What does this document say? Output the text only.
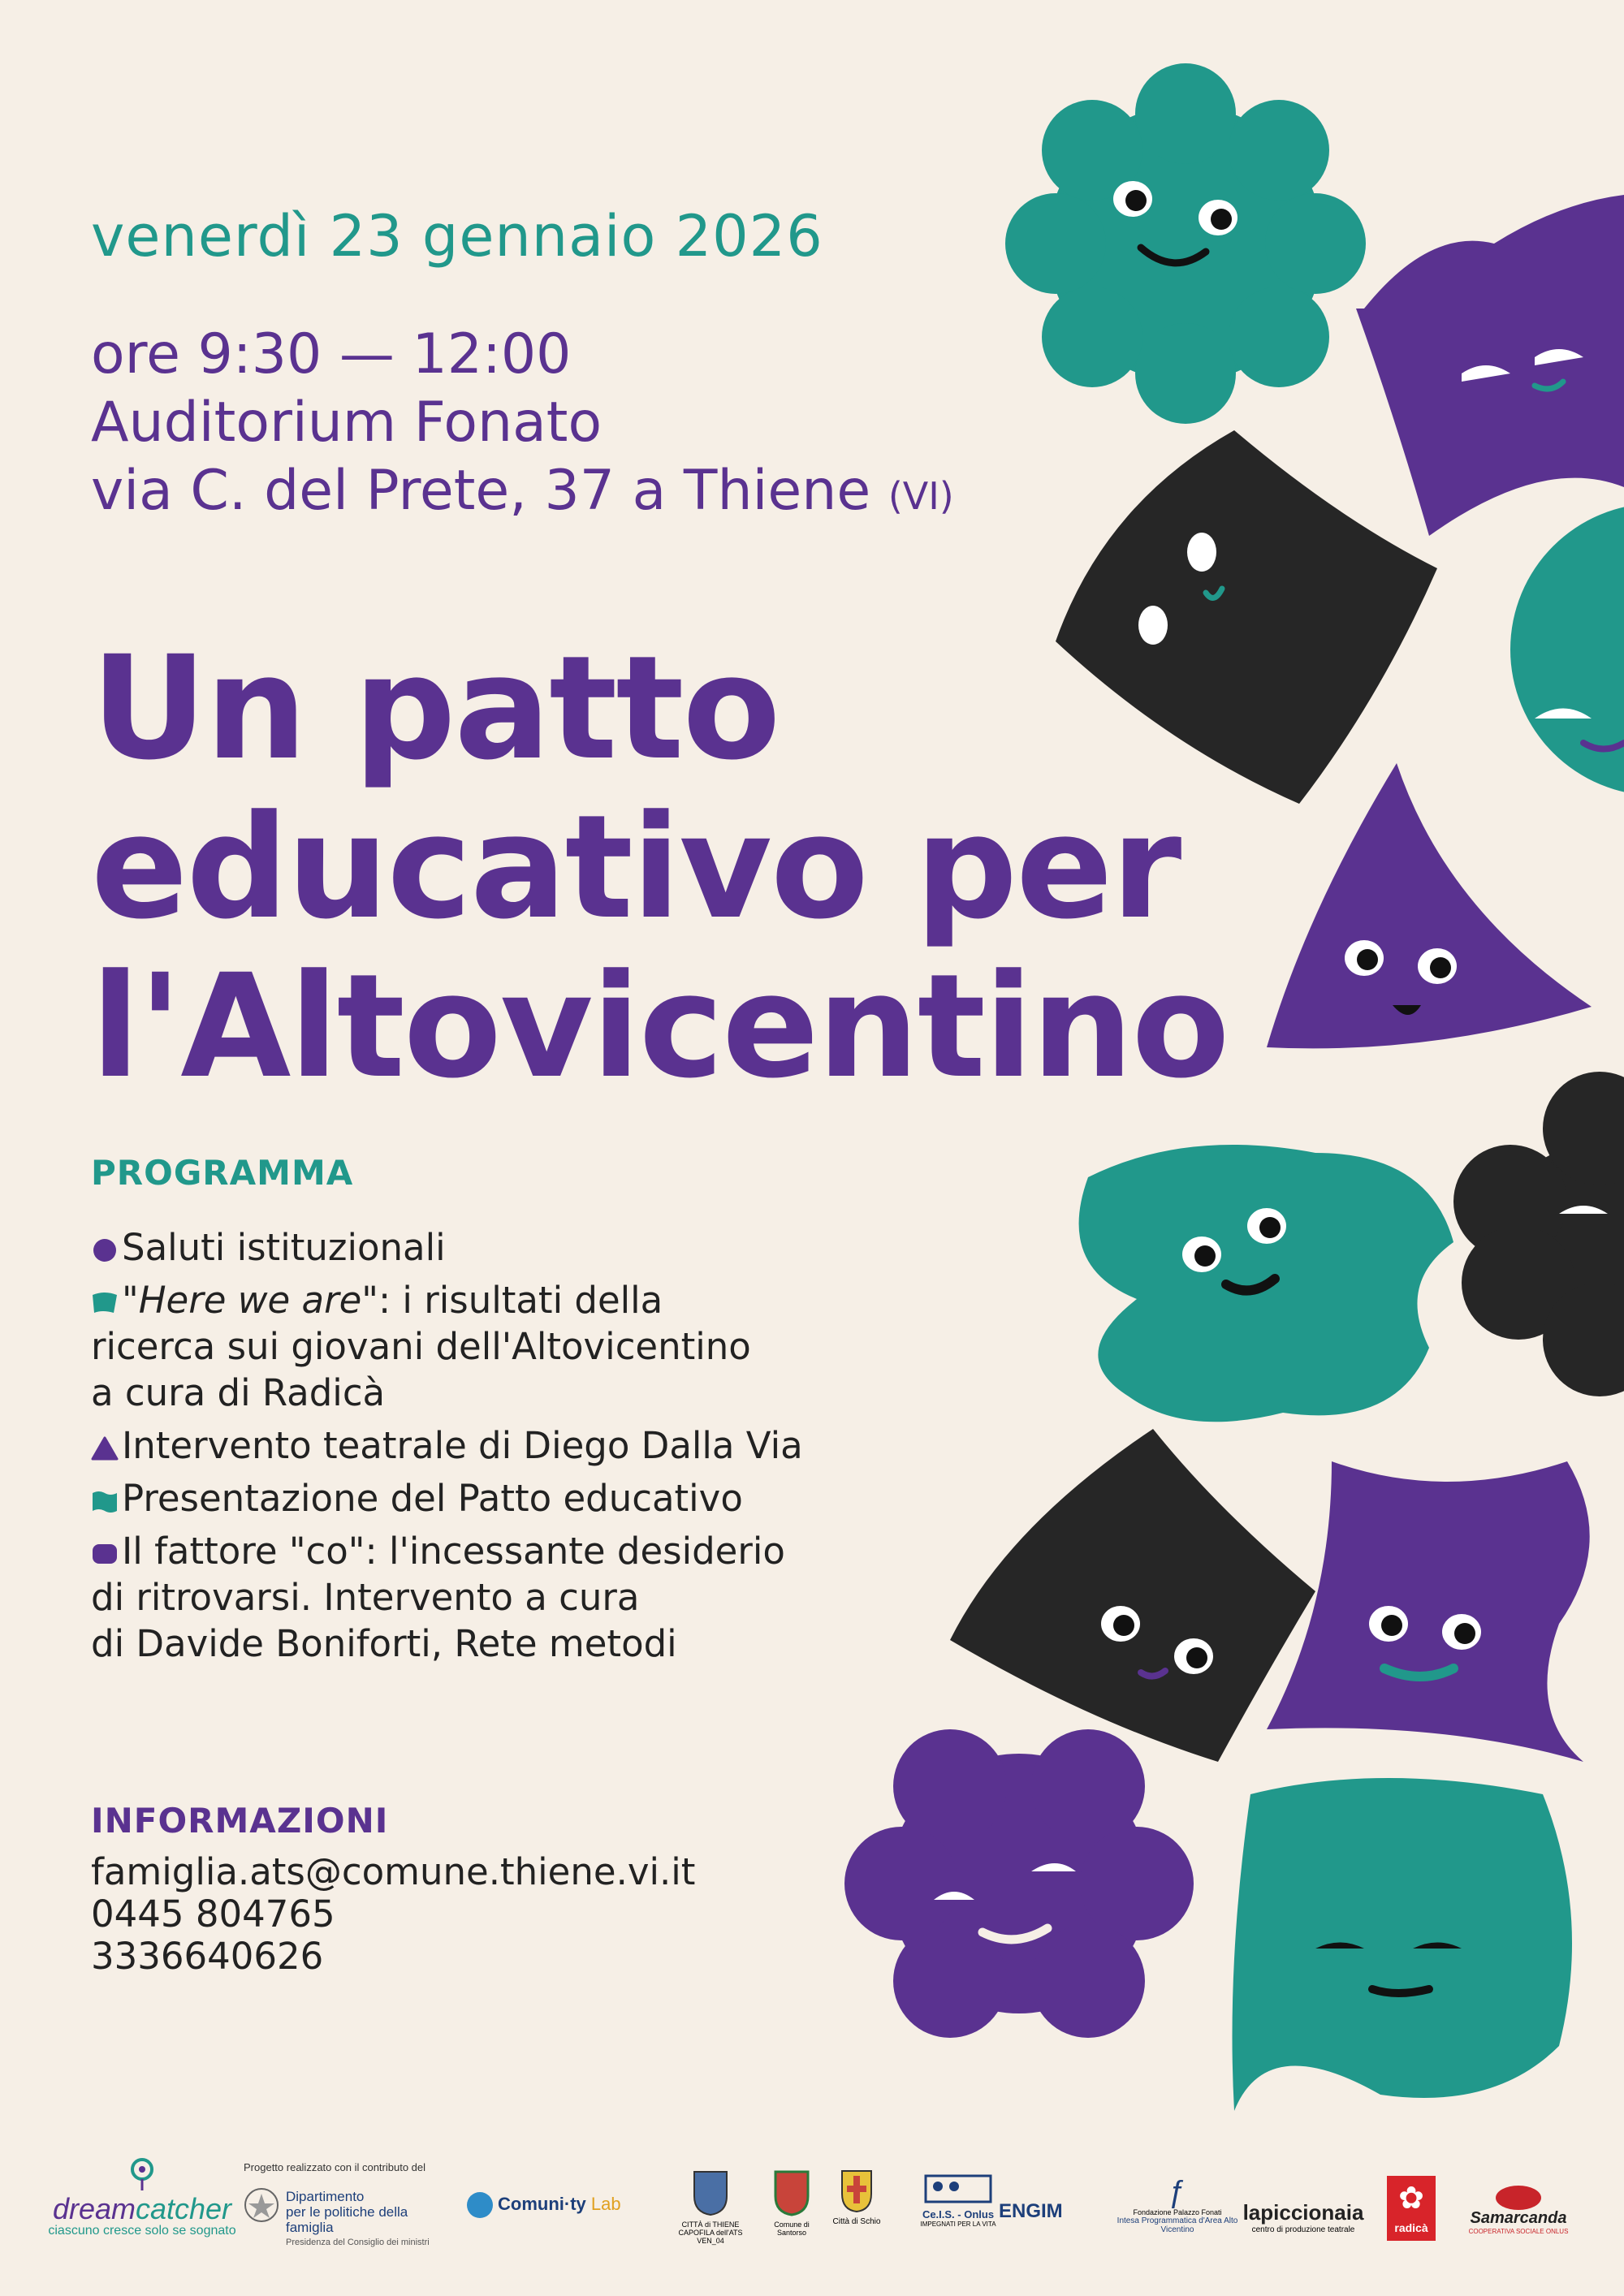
venerdì 23 gennaio 2026
ore 9:30 — 12:00
Auditorium Fonato
via C. del Prete, 37 a Thiene (VI)
Un patto
educativo per
l'Altovicentino
PROGRAMMA
Saluti istituzionali
"Here we are": i risultati della
ricerca sui giovani dell'Altovicentino
a cura di Radicà
Intervento teatrale di Diego Dalla Via
Presentazione del Patto educativo
Il fattore "co": l'incessante desiderio
di ritrovarsi. Intervento a cura
di Davide Boniforti, Rete metodi
INFORMAZIONI
famiglia.ats@comune.thiene.vi.it
0445 804765
3336640626
dreamcatcher
ciascuno cresce solo se sognato
Progetto realizzato con il contributo del
Dipartimento
per le politiche della famiglia
Presidenza del Consiglio dei ministri
Comuni·ty Lab
CITTÀ di THIENE
CAPOFILA dell'ATS
VEN_04
Comune di Santorso
Città di Schio
Ce.I.S. - Onlus
IMPEGNATI PER LA VITA
ENGIM
ƒ
Fondazione Palazzo Fonati
Intesa Programmatica d'Area Alto Vicentino
lapiccionaia
centro di produzione teatrale
✿
radicà
Samarcanda
COOPERATIVA SOCIALE ONLUS
